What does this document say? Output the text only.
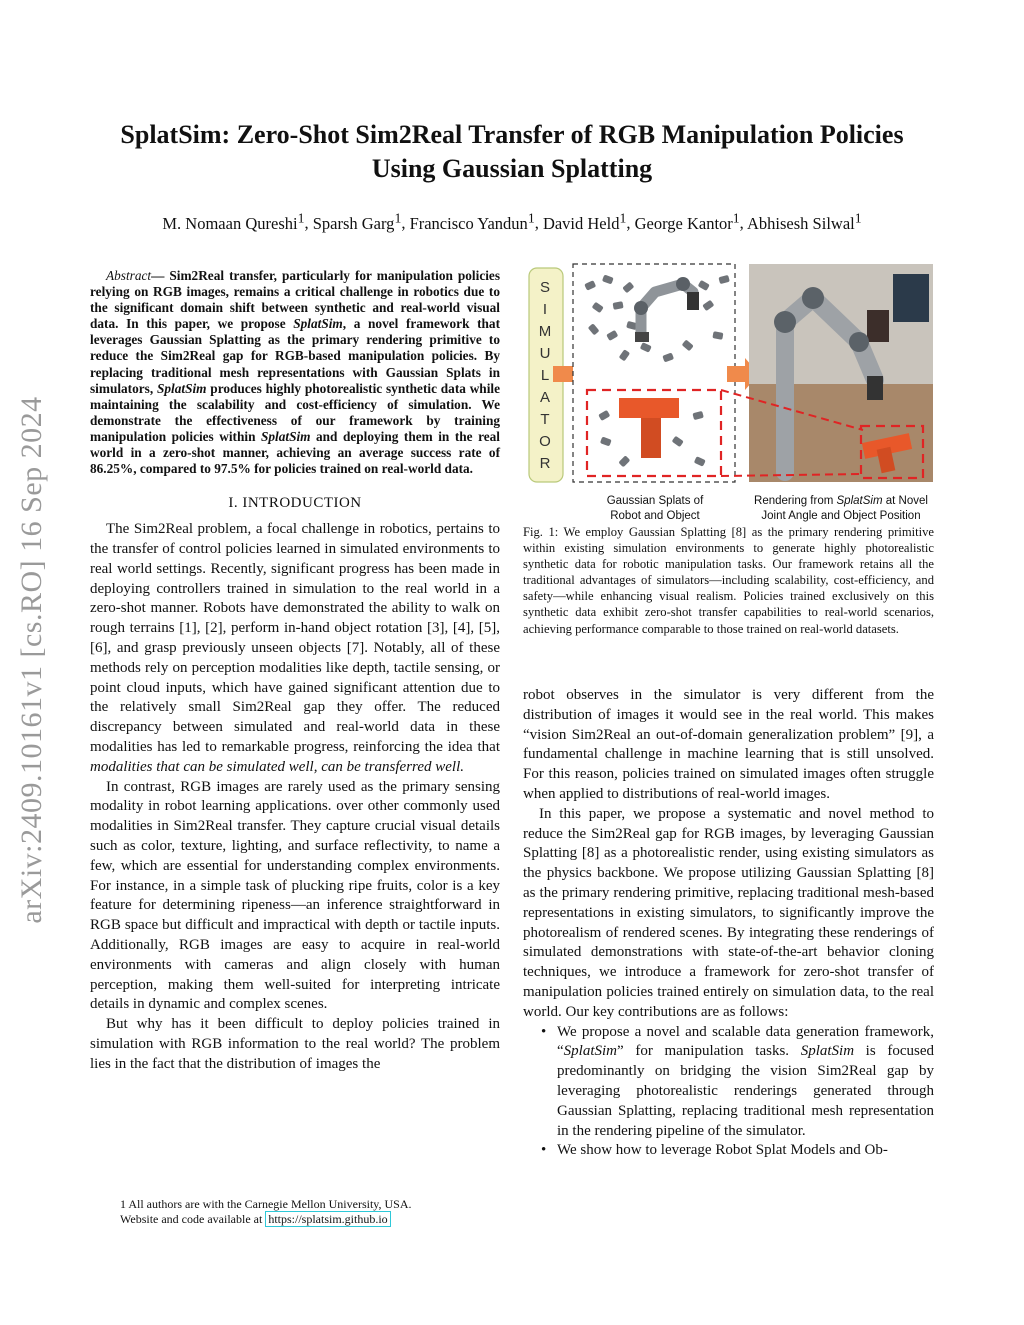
arXiv:2409.10161v1 [cs.RO] 16 Sep 2024
SplatSim: Zero-Shot Sim2Real Transfer of RGB Manipulation Policies
Using Gaussian Splatting
M. Nomaan Qureshi$^1$, Sparsh Garg$^1$, Francisco Yandun$^1$, David Held$^1$, George Kantor$^1$, Abhisesh Silwal$^1$

Abstract— Sim2Real transfer, particularly for manipulation policies relying on RGB images, remains a critical challenge in robotics due to the significant domain shift between synthetic and real-world visual data. In this paper, we propose SplatSim, a novel framework that leverages Gaussian Splatting as the primary rendering primitive to reduce the Sim2Real gap for RGB-based manipulation policies. By replacing traditional mesh representations with Gaussian Splats in simulators, SplatSim produces highly photorealistic synthetic data while maintaining the scalability and cost-efficiency of simulation. We demonstrate the effectiveness of our framework by training manipulation policies within SplatSim and deploying them in the real world in a zero-shot manner, achieving an average success rate of 86.25%, compared to 97.5% for policies trained on real-world data.

I. INTRODUCTION

The Sim2Real problem, a focal challenge in robotics, pertains to the transfer of control policies learned in simulated environments to real world settings. Recently, significant progress has been made in deploying controllers trained in simulation to the real world in a zero-shot manner. Robots have demonstrated the ability to walk on rough terrains [1], [2], perform in-hand object rotation [3], [4], [5], [6], and grasp previously unseen objects [7]. Notably, all of these methods rely on perception modalities like depth, tactile sensing, or point cloud inputs, which have gained significant attention due to the relatively small Sim2Real gap they offer. The reduced discrepancy between simulated and real-world data in these modalities has led to remarkable progress, reinforcing the idea that modalities that can be simulated well, can be transferred well.

In contrast, RGB images are rarely used as the primary sensing modality in robot learning applications. over other commonly used modalities in Sim2Real transfer. They capture crucial visual details such as color, texture, lighting, and surface reflectivity, to name a few, which are essential for understanding complex environments. For instance, in a simple task of plucking ripe fruits, color is a key feature for determining ripeness—an inference straightforward in RGB space but difficult and impractical with depth or tactile inputs. Additionally, RGB images are easy to acquire in real-world environments with cameras and align closely with human perception, making them well-suited for interpreting intricate details in dynamic and complex scenes.

But why has it been difficult to deploy policies trained in simulation with RGB information to the real world? The problem lies in the fact that the distribution of images the

1 All authors are with the Carnegie Mellon University, USA.
Website and code available at https://splatsim.github.io
S
I
M
U
L
A
T
O
R
Gaussian Splats of
Robot and Object
Rendering from SplatSim at Novel
Joint Angle and Object Position
Fig. 1: We employ Gaussian Splatting [8] as the primary rendering primitive within existing simulation environments to generate highly photorealistic synthetic data for robotic manipulation tasks. Our framework retains all the traditional advantages of simulators—including scalability, cost-efficiency, and safety—while enhancing visual realism. Policies trained exclusively on this synthetic data exhibit zero-shot transfer capabilities to real-world scenarios, achieving performance comparable to those trained on real-world datasets.

robot observes in the simulator is very different from the distribution of images it would see in the real world. This makes “vision Sim2Real an out-of-domain generalization problem” [9], a fundamental challenge in machine learning that is still unsolved. For this reason, policies trained on simulated images often struggle when applied to distributions of real-world images.

In this paper, we propose a systematic and novel method to reduce the Sim2Real gap for RGB images, by leveraging Gaussian Splatting [8] as a photorealistic render, using existing simulators as the physics backbone. We propose utilizing Gaussian Splatting [8] as the primary rendering primitive, replacing traditional mesh-based representations in existing simulators, to significantly improve the photorealism of rendered scenes. By integrating these renderings of simulated demonstrations with state-of-the-art behavior cloning techniques, we introduce a framework for zero-shot transfer of manipulation policies trained entirely on simulation data, to the real world. Our key contributions are as follows:

• We propose a novel and scalable data generation framework, “SplatSim” for manipulation tasks. SplatSim is focused predominantly on bridging the vision Sim2Real gap by leveraging photorealistic renderings generated through Gaussian Splatting, replacing traditional mesh representation in the rendering pipeline of the simulator.
• We show how to leverage Robot Splat Models and Ob-
